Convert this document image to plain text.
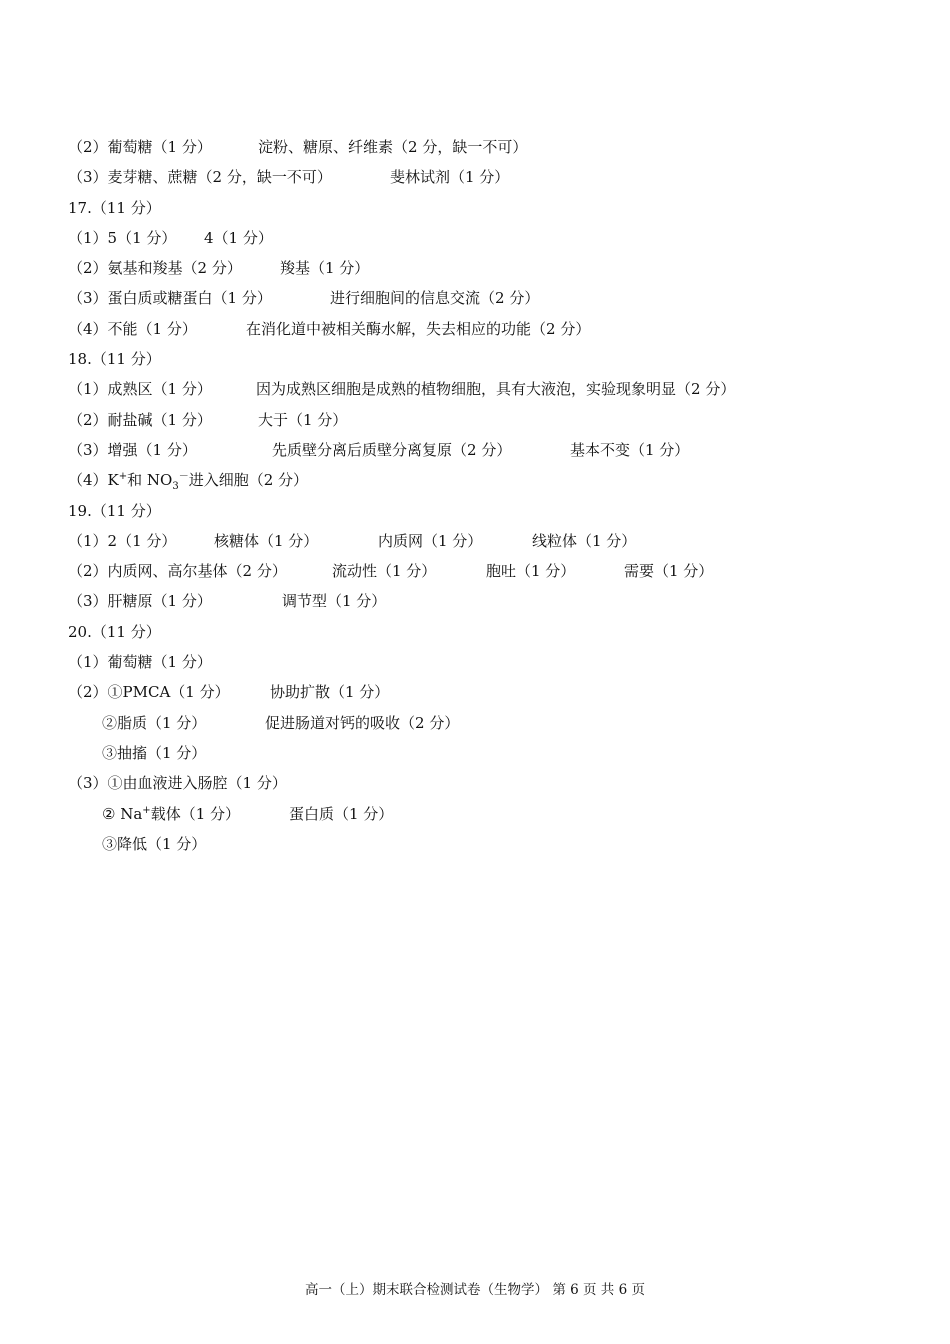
（2）葡萄糖（1 分）	淀粉、糖原、纤维素（2 分，缺一不可）
（3）麦芽糖、蔗糖（2 分，缺一不可）	斐林试剂（1 分）
17.（11 分）
（1）5（1 分） 4（1 分）
（2）氨基和羧基（2 分）	羧基（1 分）
（3）蛋白质或糖蛋白（1 分）	进行细胞间的信息交流（2 分）
（4）不能（1 分）	在消化道中被相关酶水解，失去相应的功能（2 分）
18.（11 分）
（1）成熟区（1 分）	因为成熟区细胞是成熟的植物细胞，具有大液泡，实验现象明显（2 分）
（2）耐盐碱（1 分）	大于（1 分）
（3）增强（1 分）	先质壁分离后质壁分离复原（2 分）	基本不变（1 分）
（4）K+和 $NO_3^-$进入细胞（2 分）
19.（11 分）
（1）2（1 分）	核糖体（1 分）	内质网（1 分）	线粒体（1 分）
（2）内质网、高尔基体（2 分）	流动性（1 分）	胞吐（1 分）	需要（1 分）
（3）肝糖原（1 分）	调节型（1 分）
20.（11 分）
（1）葡萄糖（1 分）
（2）①PMCA（1 分）	协助扩散（1 分）
②脂质（1 分）	促进肠道对钙的吸收（2 分）
③抽搐（1 分）
（3）①由血液进入肠腔（1 分）
② Na+载体（1 分）	蛋白质（1 分）
③降低（1 分）
高一（上）期末联合检测试卷（生物学） 第 6 页 共 6 页
